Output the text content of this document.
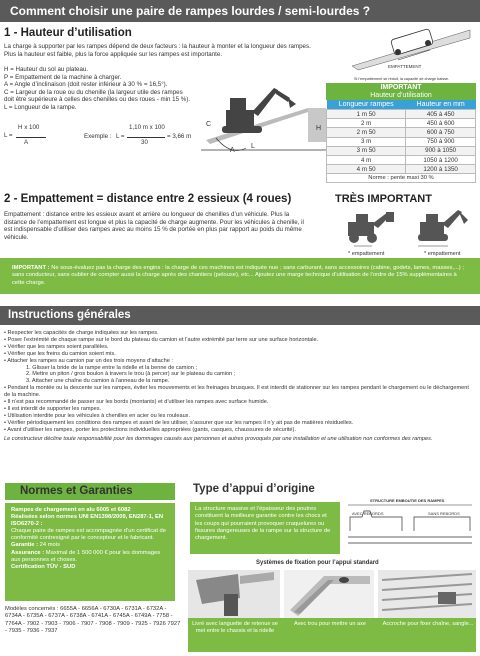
Comment choisir une paire de rampes lourdes / semi-lourdes ?
1 - Hauteur d’utilisation
La charge à supporter par les rampes dépend de deux facteurs : la hauteur à monter et la longueur des rampes. Plus la hauteur est faible, plus la force appliquée sur les rampes est importante.
H = Hauteur du sol au plateau.
P = Empattement de la machine à charger.
A = Angle d’inclinaison (doit rester inférieur à 30 % = 16,5°).
C = Largeur de la roue ou du chenille (la largeur utile des rampes doit être supérieure à celles des chenilles ou des roues - min 15 %).
L = Longueur de la rampe.
H x 100
L =
A
Exemple :
1,10 m x 100
L =
30
= 3,66 m
C
L
A
H
EMPATTEMENT
Si l’empattement se réduit, la capacité de charge baisse.
IMPORTANT
Hauteur d’utilisation
Longueur rampes	Hauteur en mm
1 m 50	405 à 450
2 m	450 à 600
2 m 50	600 à 750
3 m	750 à 900
3 m 50	900 à 1050
4 m	1050 à 1200
4 m 50	1200 à 1350
Norme : pente maxi 30 %
2 - Empattement = distance entre 2 essieux (4 roues)
Empattement : distance entre les essieux avant et arrière ou longueur de chenilles d’un véhicule. Plus la distance de l’empattement est longue et plus la capacité de charge augmente. Pour les véhicules à chenille, il est indispensable d’utiliser des rampes avec au moins 15 % de portée en plus par rapport au poids du même véhicule.
TRÈS IMPORTANT
* empattement	* empattement
IMPORTANT : Ne sous-évaluez pas la charge des engins : la charge de ces machines est indiquée nue ; sans carburant, sans accessoires (cabine, godets, lames, masses,...) ; sans conducteur, sans oublier de compter aussi la charge après des chantiers (pelouse), etc... Ajoutez une marge technique d’utilisation de l’ordre de 15% supplémentaires à cette charge.
Instructions générales
• Respecter les capacités de charge indiquées sur les rampes.
• Poser l’extrémité de chaque rampe sur le bord du plateau du camion et l’autre extrémité par terre sur une surface horizontale.
• Vérifier que les rampes soient parallèles.
• Vérifier que les freins du camion soient mis.
• Attacher les rampes au camion par un des trois moyens d’attache :
1. Glisser la bride de la rampe entre la ridelle et la benne de camion ;
2. Mettre un piton / gros boulon à travers le trou (à percer) sur le plateau du camion ;
3. Attacher une chaîne du camion à l’anneau de la rampe.
• Pendant la montée ou la descente sur les rampes, éviter les mouvements et les freinages brusques. Il est interdit de stationner sur les rampes pendant le chargement ou le déchargement de la machine.
• Il n’est pas recommandé de passer sur les bords (montants) et d’utiliser les rampes avec surface humide.
• Il est interdit de supporter les rampes.
• Utilisation interdite pour les véhicules à chenilles en acier ou les rouleaux.
• Vérifier périodiquement les conditions des rampes et avant de les utiliser, s’assurer que sur les rampes il n’y ait pas de matières résiduelles.
• Avant d’utiliser les rampes, porter les protections individuelles appropriées (gants, casques, chaussures de sécurité).
Le constructeur décline toute responsabilité pour les dommages causés aux personnes et autres provoqués par une installation et une utilisation non conformes des rampes.
Normes et Garanties
Rampes de chargement en alu 6005 et 6082
Réalisées selon normes UNI EN1398/2009, EN287-1, EN ISO6270-2 :
Chaque paire de rampes est accompagnée d’un certificat de conformité contresigné par le concepteur et le fabricant.
Garantie : 24 mois
Assurance : Maximal de 1 500 000 € pour les dommages aux personnes et choses.
Certification TÜV - SUD
Modèles concernés : 6655A - 6656A - 6730A - 6731A - 6732A - 6734A - 6735A - 6737A - 6738A - 6741A - 6745A - 6749A - 7758 - 7764A - 7902 - 7903 - 7906 - 7907 - 7908 - 7909 - 7925 - 7926 7927 - 7935 - 7936 - 7937
Type d’appui d’origine
La structure massive et l’épaisseur des poutres constituent la meilleure garantie contre les chocs et les coups qui pourraient provoquer craquelures ou fissures dangereuses de la rampe sur la structure de chargement.
STRUCTURE EMBOUTIE DES RAMPES
AVEC REBORDS	SANS REBORDS
Systèmes de fixation pour l’appui standard
Livré avec languette de retenue se met entre le chassis et la ridelle
Avec trou pour mettre un axe	Accroche pour fixer chaîne, sangle...
